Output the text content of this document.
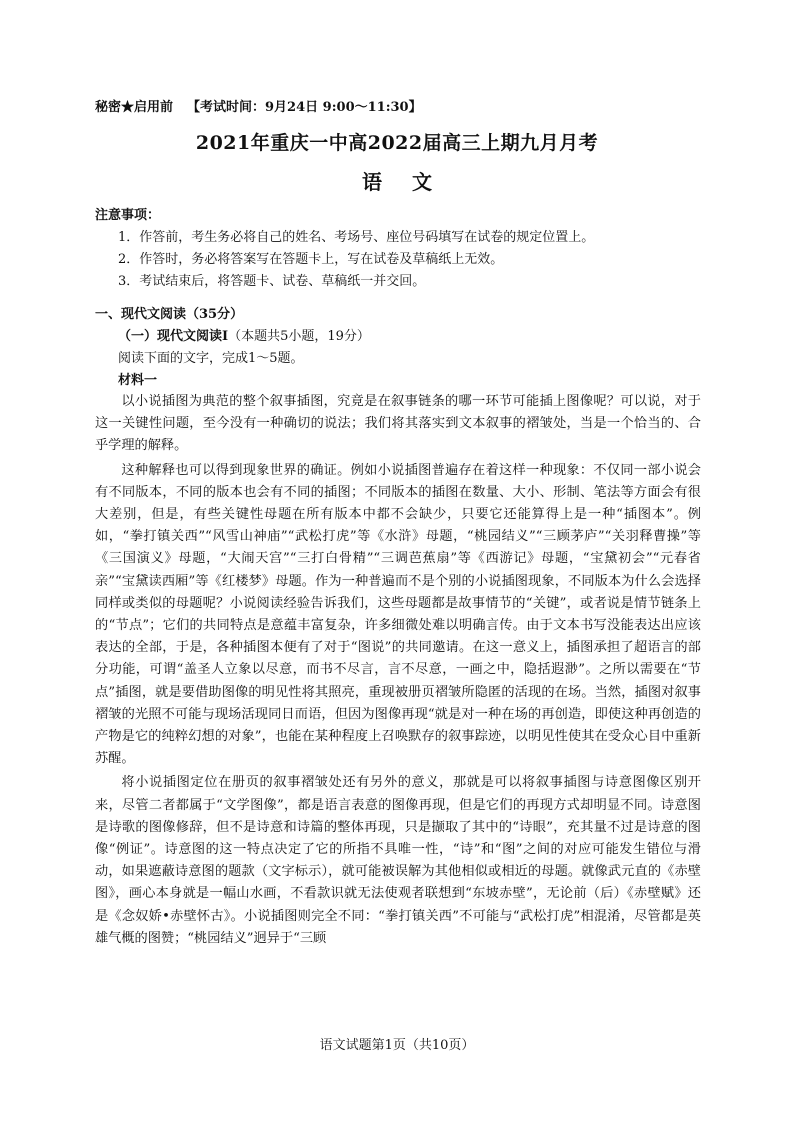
秘密★启用前 【考试时间：9月24日 9:00～11:30】
2021年重庆一中高2022届高三上期九月月考
语文
注意事项：
1．作答前，考生务必将自己的姓名、考场号、座位号码填写在试卷的规定位置上。
2．作答时，务必将答案写在答题卡上，写在试卷及草稿纸上无效。
3．考试结束后，将答题卡、试卷、草稿纸一并交回。
一、现代文阅读（35分）
（一）现代文阅读Ⅰ（本题共5小题，19分）
阅读下面的文字，完成1～5题。
材料一

以小说插图为典范的整个叙事插图，究竟是在叙事链条的哪一环节可能插上图像呢？可以说，对于这一关键性问题，至今没有一种确切的说法；我们将其落实到文本叙事的褶皱处，当是一个恰当的、合乎学理的解释。

这种解释也可以得到现象世界的确证。例如小说插图普遍存在着这样一种现象：不仅同一部小说会有不同版本，不同的版本也会有不同的插图；不同版本的插图在数量、大小、形制、笔法等方面会有很大差别，但是，有些关键性母题在所有版本中都不会缺少，只要它还能算得上是一种“插图本”。例如，“拳打镇关西”“风雪山神庙”“武松打虎”等《水浒》母题，“桃园结义”“三顾茅庐”“关羽释曹操”等《三国演义》母题，“大闹天宫”“三打白骨精”“三调芭蕉扇”等《西游记》母题，“宝黛初会”“元春省亲”“宝黛读西厢”等《红楼梦》母题。作为一种普遍而不是个别的小说插图现象，不同版本为什么会选择同样或类似的母题呢？小说阅读经验告诉我们，这些母题都是故事情节的“关键”，或者说是情节链条上的“节点”；它们的共同特点是意蕴丰富复杂，许多细微处难以明确言传。由于文本书写没能表达出应该表达的全部，于是，各种插图本便有了对于“图说”的共同邀请。在这一意义上，插图承担了超语言的部分功能，可谓“盖圣人立象以尽意，而书不尽言，言不尽意，一画之中，隐括遐渺”。之所以需要在“节点”插图，就是要借助图像的明见性将其照亮，重现被册页褶皱所隐匿的活现的在场。当然，插图对叙事褶皱的光照不可能与现场活现同日而语，但因为图像再现“就是对一种在场的再创造，即使这种再创造的产物是它的纯粹幻想的对象”，也能在某种程度上召唤默存的叙事踪迹，以明见性使其在受众心目中重新苏醒。

将小说插图定位在册页的叙事褶皱处还有另外的意义，那就是可以将叙事插图与诗意图像区别开来，尽管二者都属于“文学图像”，都是语言表意的图像再现，但是它们的再现方式却明显不同。诗意图是诗歌的图像修辞，但不是诗意和诗篇的整体再现，只是撷取了其中的“诗眼”，充其量不过是诗意的图像“例证”。诗意图的这一特点决定了它的所指不具唯一性，“诗”和“图”之间的对应可能发生错位与滑动，如果遮蔽诗意图的题款（文字标示），就可能被误解为其他相似或相近的母题。就像武元直的《赤壁图》，画心本身就是一幅山水画，不看款识就无法使观者联想到“东坡赤壁”，无论前（后）《赤壁赋》还是《念奴娇•赤壁怀古》。小说插图则完全不同：“拳打镇关西”不可能与“武松打虎”相混淆，尽管都是英雄气概的图赞；“桃园结义”迥异于“三顾

语文试题第1页（共10页）
